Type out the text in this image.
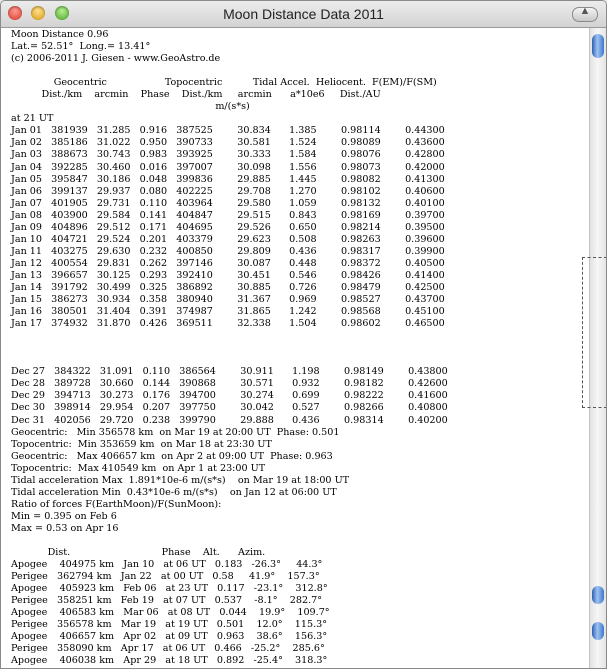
Moon Distance Data 2011	▲
Moon Distance 0.96
Lat.= 52.51°  Long.= 13.41°
(c) 2006-2011 J. Giesen - www.GeoAstro.de

Geocentric                   Topocentric          Tidal Accel.  Heliocent.  F(EM)/F(SM)
Dist./km    arcmin    Phase    Dist./km     arcmin      a*10e6     Dist./AU
m/(s*s)
at 21 UT
Jan 01   381939   31.285   0.916   387525        30.834      1.385        0.98114        0.44300
Jan 02   385186   31.022   0.950   390733        30.581      1.524        0.98089        0.43600
Jan 03   388673   30.743   0.983   393925        30.333      1.584        0.98076        0.42800
Jan 04   392285   30.460   0.016   397007        30.098      1.556        0.98073        0.42000
Jan 05   395847   30.186   0.048   399836        29.885      1.445        0.98082        0.41300
Jan 06   399137   29.937   0.080   402225        29.708      1.270        0.98102        0.40600
Jan 07   401905   29.731   0.110   403964        29.580      1.059        0.98132        0.40100
Jan 08   403900   29.584   0.141   404847        29.515      0.843        0.98169        0.39700
Jan 09   404896   29.512   0.171   404695        29.526      0.650        0.98214        0.39500
Jan 10   404721   29.524   0.201   403379        29.623      0.508        0.98263        0.39600
Jan 11   403275   29.630   0.232   400850        29.809      0.436        0.98317        0.39900
Jan 12   400554   29.831   0.262   397146        30.087      0.448        0.98372        0.40500
Jan 13   396657   30.125   0.293   392410        30.451      0.546        0.98426        0.41400
Jan 14   391792   30.499   0.325   386892        30.885      0.726        0.98479        0.42500
Jan 15   386273   30.934   0.358   380940        31.367      0.969        0.98527        0.43700
Jan 16   380501   31.404   0.391   374987        31.865      1.242        0.98568        0.45100
Jan 17   374932   31.870   0.426   369511        32.338      1.504        0.98602        0.46500

Dec 27   384322   31.091   0.110   386564        30.911      1.198        0.98149        0.43800
Dec 28   389728   30.660   0.144   390868        30.571      0.932        0.98182        0.42600
Dec 29   394713   30.273   0.176   394700        30.274      0.699        0.98222        0.41600
Dec 30   398914   29.954   0.207   397750        30.042      0.527        0.98266        0.40800
Dec 31   402056   29.720   0.238   399790        29.888      0.436        0.98314        0.40200
Geocentric:   Min 356578 km  on Mar 19 at 20:00 UT  Phase: 0.501
Topocentric:  Min 353659 km  on Mar 18 at 23:30 UT
Geocentric:   Max 406657 km  on Apr 2 at 09:00 UT  Phase: 0.963
Topocentric:  Max 410549 km  on Apr 1 at 23:00 UT
Tidal acceleration Max  1.891*10e-6 m/(s*s)    on Mar 19 at 18:00 UT
Tidal acceleration Min  0.43*10e-6 m/(s*s)    on Jan 12 at 06:00 UT
Ratio of forces F(EarthMoon)/F(SunMoon):
Min = 0.395 on Feb 6
Max = 0.53 on Apr 16

Dist.                              Phase    Alt.      Azim.
Apogee    404975 km   Jan 10   at 06 UT   0.183   -26.3°     44.3°
Perigee   362794 km   Jan 22   at 00 UT   0.58     41.9°    157.3°
Apogee    405923 km   Feb 06   at 23 UT   0.117   -23.1°    312.8°
Perigee   358251 km   Feb 19   at 07 UT   0.537    -8.1°    282.7°
Apogee    406583 km   Mar 06   at 08 UT   0.044    19.9°    109.7°
Perigee   356578 km   Mar 19   at 19 UT   0.501    12.0°    115.3°
Apogee    406657 km   Apr 02   at 09 UT   0.963    38.6°    156.3°
Perigee   358090 km   Apr 17   at 06 UT   0.466   -25.2°    285.6°
Apogee    406038 km   Apr 29   at 18 UT   0.892   -25.4°    318.3°
